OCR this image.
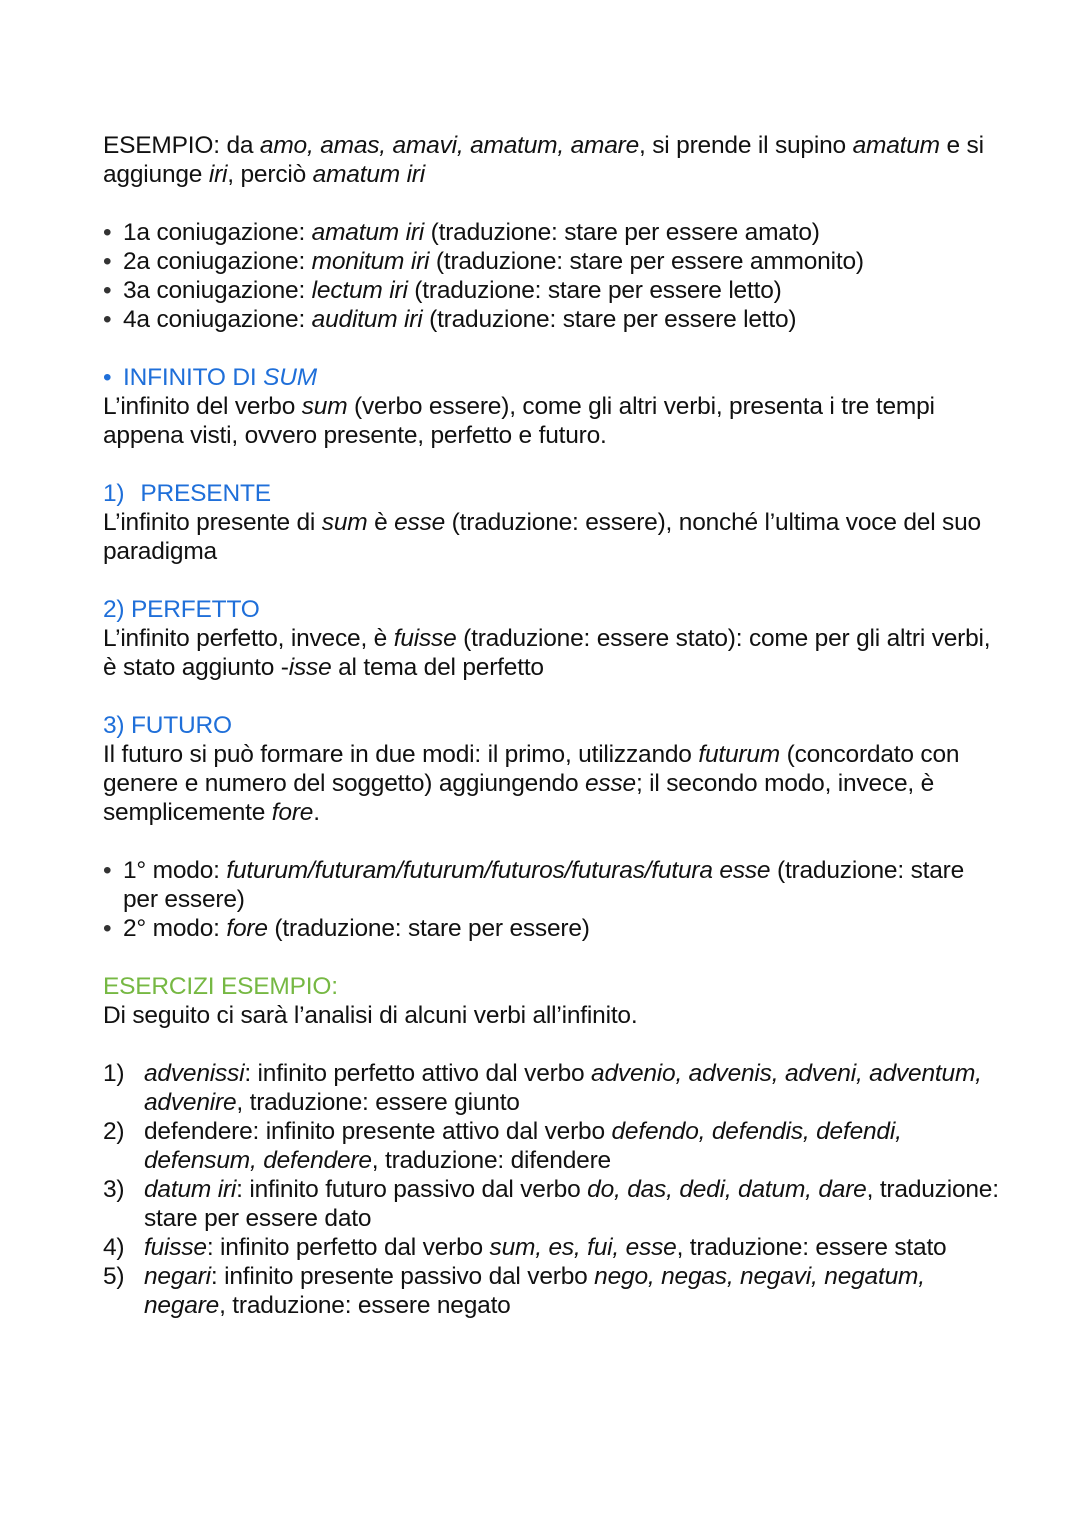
ESEMPIO: da amo, amas, amavi, amatum, amare, si prende il supino amatum e si aggiunge iri, perciò amatum iri

• 1a coniugazione: amatum iri (traduzione: stare per essere amato)
• 2a coniugazione: monitum iri (traduzione: stare per essere ammonito)
• 3a coniugazione: lectum iri (traduzione: stare per essere letto)
• 4a coniugazione: auditum iri (traduzione: stare per essere letto)

• INFINITO DI SUM

L’infinito del verbo sum (verbo essere), come gli altri verbi, presenta i tre tempi appena visti, ovvero presente, perfetto e futuro.

1) PRESENTE

L’infinito presente di sum è esse (traduzione: essere), nonché l’ultima voce del suo paradigma

2) PERFETTO

L’infinito perfetto, invece, è fuisse (traduzione: essere stato): come per gli altri verbi, è stato aggiunto -isse al tema del perfetto

3) FUTURO

Il futuro si può formare in due modi: il primo, utilizzando futurum (concordato con genere e numero del soggetto) aggiungendo esse; il secondo modo, invece, è semplicemente fore.

• 1° modo: futurum/futuram/futurum/futuros/futuras/futura esse (traduzione: stare per essere)
• 2° modo: fore (traduzione: stare per essere)

ESERCIZI ESEMPIO:

Di seguito ci sarà l’analisi di alcuni verbi all’infinito.

1) advenissi: infinito perfetto attivo dal verbo advenio, advenis, adveni, adventum, advenire, traduzione: essere giunto
2) defendere: infinito presente attivo dal verbo defendo, defendis, defendi, defensum, defendere, traduzione: difendere
3) datum iri: infinito futuro passivo dal verbo do, das, dedi, datum, dare, traduzione: stare per essere dato
4) fuisse: infinito perfetto dal verbo sum, es, fui, esse, traduzione: essere stato
5) negari: infinito presente passivo dal verbo nego, negas, negavi, negatum, negare, traduzione: essere negato
